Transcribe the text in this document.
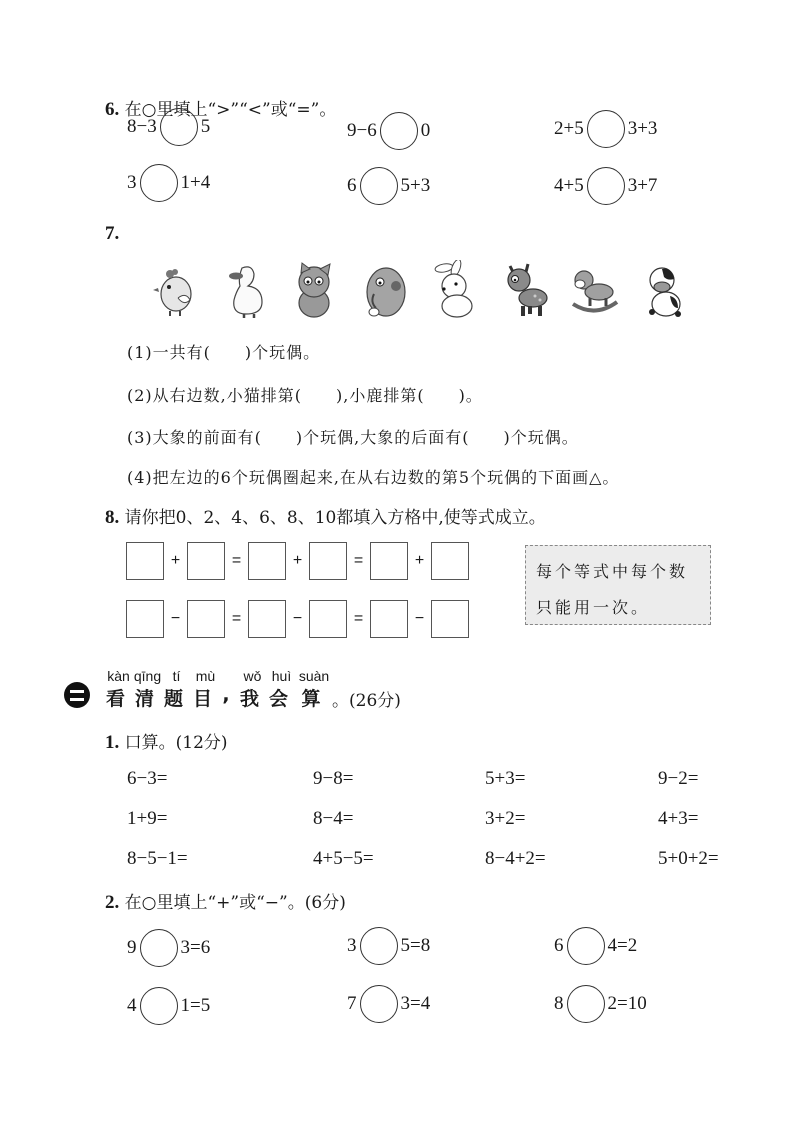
6. 在○里填上“>”“<”或“=”。
8−3 5	9−6 0	2+5 3+3
3 1+4	6 5+3	4+5 3+7
7.
(1)一共有(　　)个玩偶。
(2)从右边数,小猫排第(　　),小鹿排第(　　)。
(3)大象的前面有(　　)个玩偶,大象的后面有(　　)个玩偶。
(4)把左边的6个玩偶圈起来,在从右边数的第5个玩偶的下面画△。
8. 请你把0、2、4、6、8、10都填入方格中,使等式成立。
+	=	+	=	+
−	=	−	=	−
每个等式中每个数
只能用一次。
kàn
看
qīng
清
tí
题
mù
目
,
wǒ
我
huì
会
suàn
算 。(26分)
1. 口算。(12分)
6−3=	9−8=	5+3=	9−2=
1+9=	8−4=	3+2=	4+3=
8−5−1=	4+5−5=	8−4+2=	5+0+2=
2. 在○里填上“+”或“−”。(6分)
9 3=6	3 5=8	6 4=2
4 1=5	7 3=4	8 2=10
